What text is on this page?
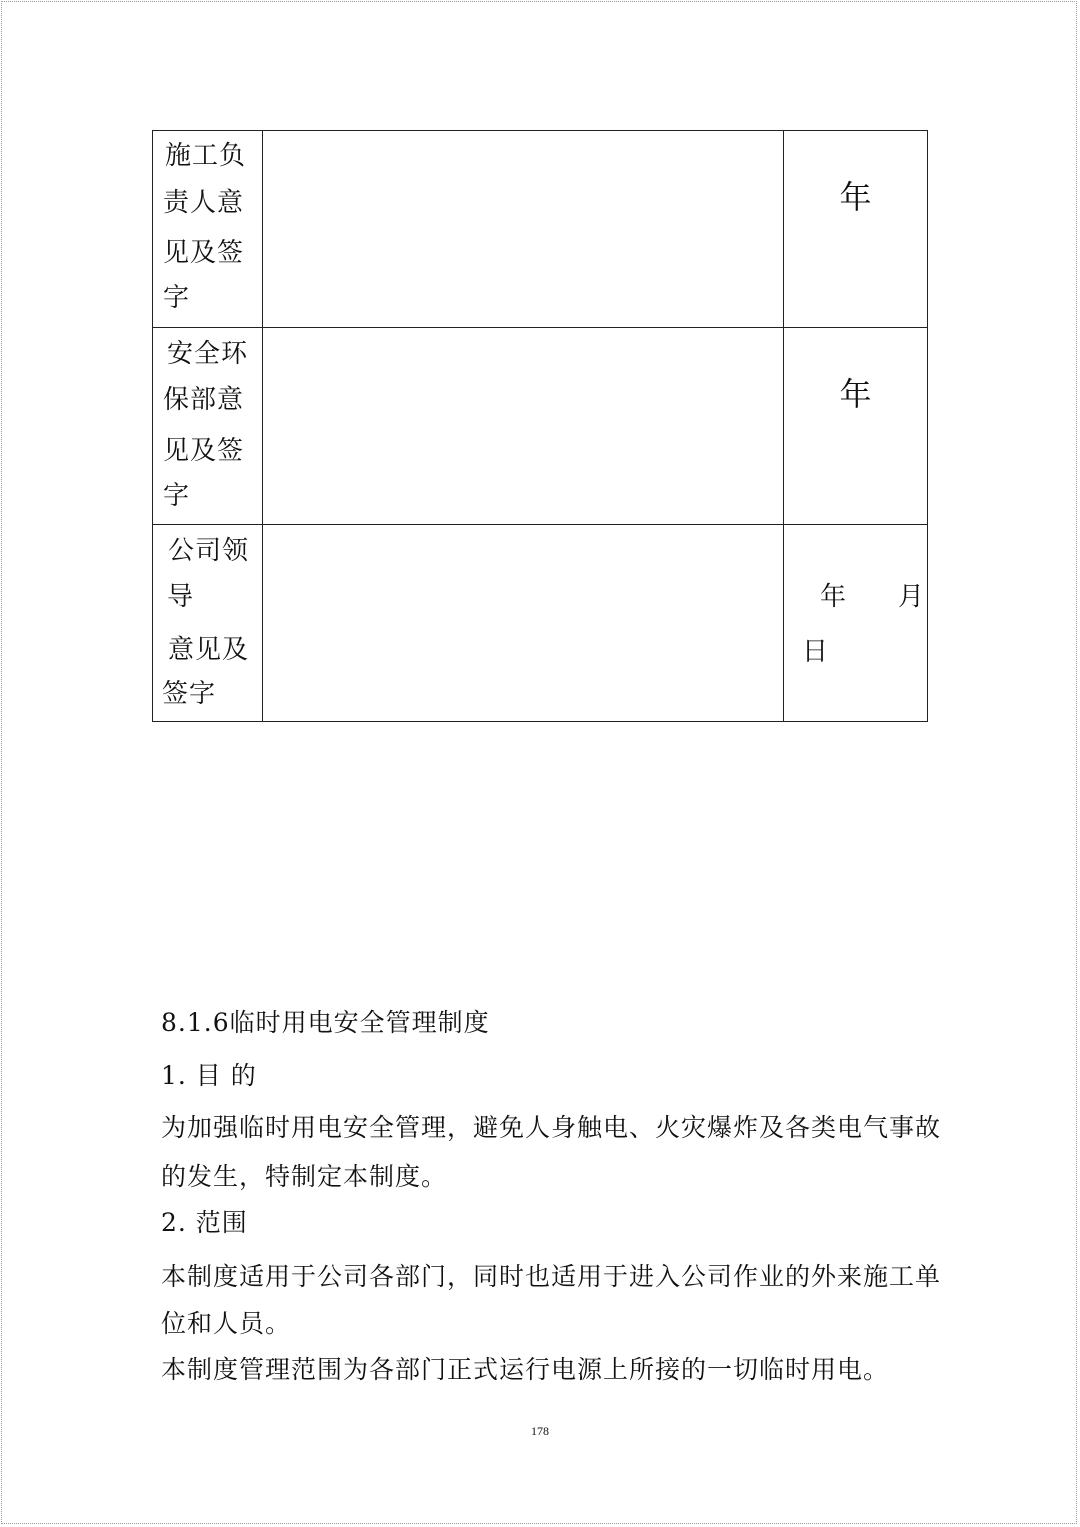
施工负
责人意
见及签
字		年

安全环
保部意
见及签
字		年

公司领
导
意见及
签字		年　　月
日
8.1.6临时用电安全管理制度
1. 目 的
为加强临时用电安全管理，避免人身触电、火灾爆炸及各类电气事故
的发生，特制定本制度。
2. 范围
本制度适用于公司各部门，同时也适用于进入公司作业的外来施工单
位和人员。
本制度管理范围为各部门正式运行电源上所接的一切临时用电。
178
